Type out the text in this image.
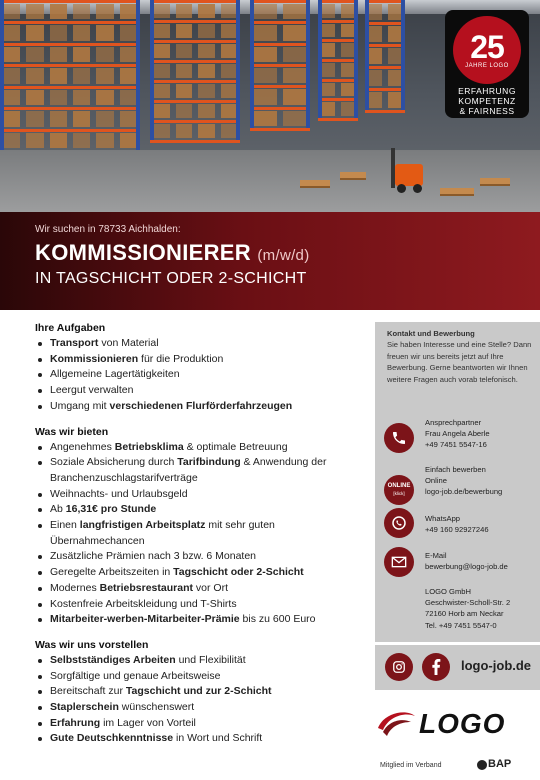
25
JAHRE LOGO
ERFAHRUNG
KOMPETENZ
& FAIRNESS
Wir suchen in 78733 Aichhalden:
KOMMISSIONIERER (m/w/d)
IN TAGSCHICHT ODER 2-SCHICHT
Ihre Aufgaben
Transport von Material
Kommissionieren für die Produktion
Allgemeine Lagertätigkeiten
Leergut verwalten
Umgang mit verschiedenen Flurförderfahrzeugen
Was wir bieten
Angenehmes Betriebsklima & optimale Betreuung
Soziale Absicherung durch Tarifbindung & Anwendung der Branchenzuschlagstarifverträge
Weihnachts- und Urlaubsgeld
Ab 16,31€ pro Stunde
Einen langfristigen Arbeitsplatz mit sehr guten Übernahmechancen
Zusätzliche Prämien nach 3 bzw. 6 Monaten
Geregelte Arbeitszeiten in Tagschicht oder 2-Schicht
Modernes Betriebsrestaurant vor Ort
Kostenfreie Arbeitskleidung und T-Shirts
Mitarbeiter-werben-Mitarbeiter-Prämie bis zu 600 Euro
Was wir uns vorstellen
Selbstständiges Arbeiten und Flexibilität
Sorgfältige und genaue Arbeitsweise
Bereitschaft zur Tagschicht und zur 2-Schicht
Staplerschein wünschenswert
Erfahrung im Lager von Vorteil
Gute Deutschkenntnisse in Wort und Schrift
Kontakt und Bewerbung
Sie haben Interesse und eine Stelle? Dann freuen wir uns bereits jetzt auf Ihre Bewerbung. Gerne beantworten wir Ihnen weitere Fragen auch vorab telefonisch.
Ansprechpartner
Frau Angela Aberle
+49 7451 5547-16
ONLINE
[klick]
Einfach bewerben
Online
logo-job.de/bewerbung
WhatsApp
+49 160 92927246
E-Mail
bewerbung@logo-job.de
LOGO GmbH
Geschwister-Scholl-Str. 2
72160 Horb am Neckar
Tel. +49 7451 5547-0
logo-job.de
LOGO
Mitglied im Verband	BAP
